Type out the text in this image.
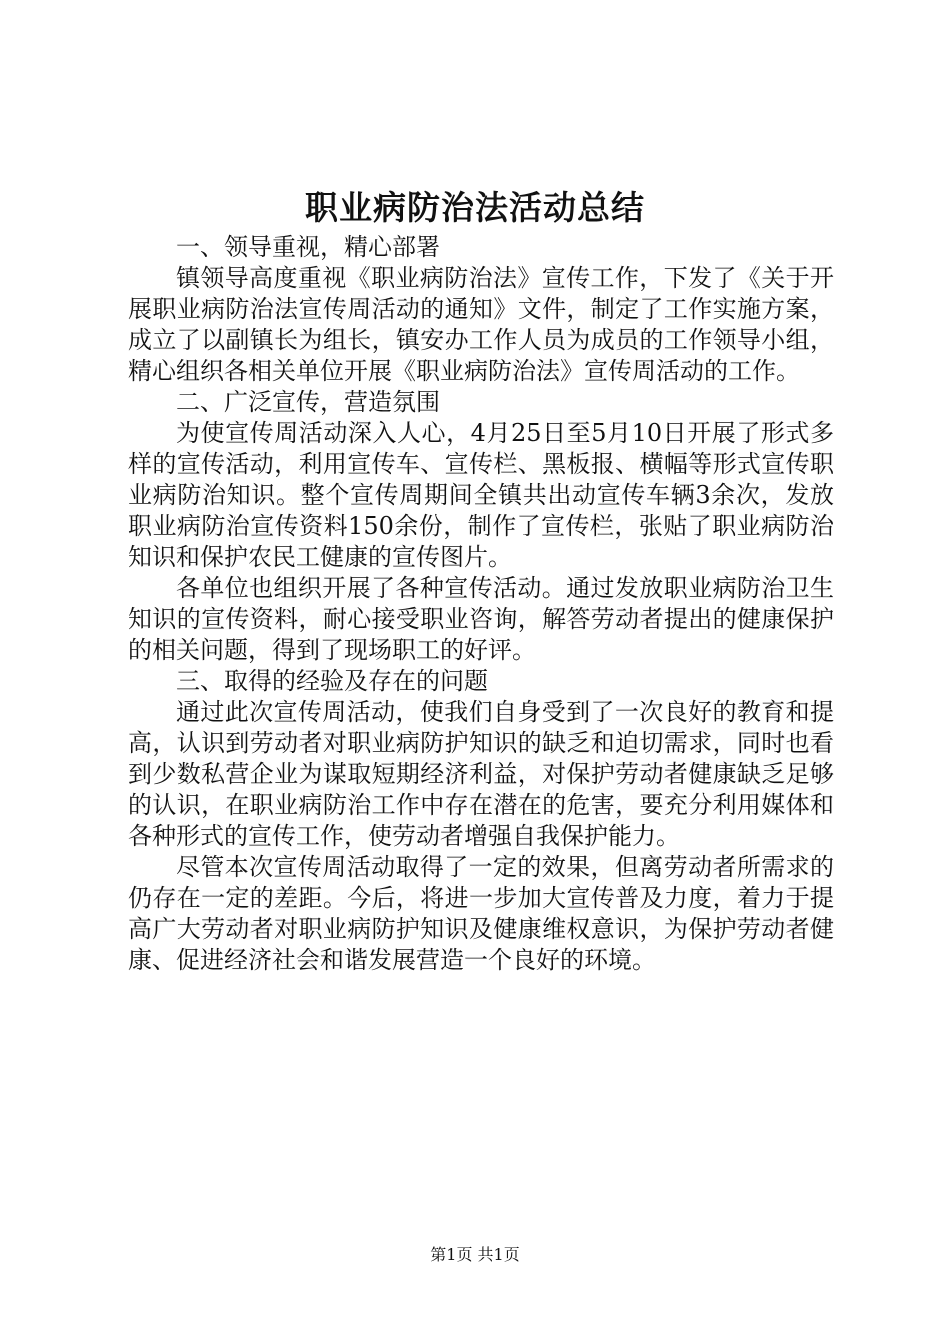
职业病防治法活动总结

一、领导重视，精心部署

镇领导高度重视《职业病防治法》宣传工作，下发了《关于开展职业病防治法宣传周活动的通知》文件，制定了工作实施方案，成立了以副镇长为组长，镇安办工作人员为成员的工作领导小组，精心组织各相关单位开展《职业病防治法》宣传周活动的工作。

二、广泛宣传，营造氛围

为使宣传周活动深入人心，4月25日至5月10日开展了形式多样的宣传活动，利用宣传车、宣传栏、黑板报、横幅等形式宣传职业病防治知识。整个宣传周期间全镇共出动宣传车辆3余次，发放职业病防治宣传资料150余份，制作了宣传栏，张贴了职业病防治知识和保护农民工健康的宣传图片。

各单位也组织开展了各种宣传活动。通过发放职业病防治卫生知识的宣传资料，耐心接受职业咨询，解答劳动者提出的健康保护的相关问题，得到了现场职工的好评。

三、取得的经验及存在的问题

通过此次宣传周活动，使我们自身受到了一次良好的教育和提高，认识到劳动者对职业病防护知识的缺乏和迫切需求，同时也看到少数私营企业为谋取短期经济利益，对保护劳动者健康缺乏足够的认识，在职业病防治工作中存在潜在的危害，要充分利用媒体和各种形式的宣传工作，使劳动者增强自我保护能力。

尽管本次宣传周活动取得了一定的效果，但离劳动者所需求的仍存在一定的差距。今后，将进一步加大宣传普及力度，着力于提高广大劳动者对职业病防护知识及健康维权意识，为保护劳动者健康、促进经济社会和谐发展营造一个良好的环境。

第1页 共1页
